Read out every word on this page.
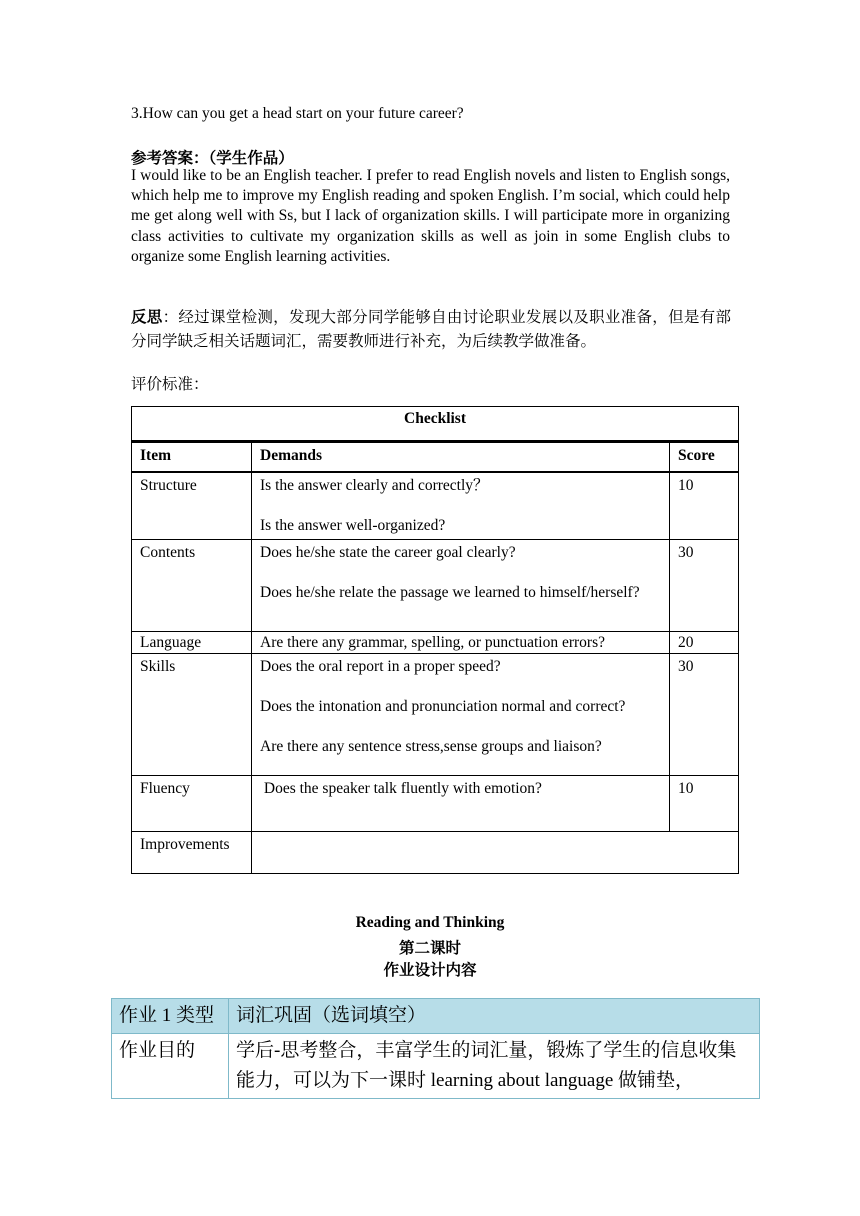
3.How can you get a head start on your future career?
参考答案：（学生作品）
I would like to be an English teacher. I prefer to read English novels and listen to English songs, which help me to improve my English reading and spoken English. I’m social, which could help me get along well with Ss, but I lack of organization skills. I will participate more in organizing class activities to cultivate my organization skills as well as join in some English clubs to organize some English learning activities.
反思：经过课堂检测，发现大部分同学能够自由讨论职业发展以及职业准备，但是有部分同学缺乏相关话题词汇，需要教师进行补充，为后续教学做准备。
评价标准：
Checklist		
Item	Demands	Score
Structure	Is the answer clearly and correctly？
Is the answer well-organized?	10
Contents	Does he/she state the career goal clearly?
Does he/she relate the passage we learned to himself/herself?	30
Language	Are there any grammar, spelling, or punctuation errors?	20
Skills	Does the oral report in a proper speed?
Does the intonation and pronunciation normal and correct?
Are there any sentence stress,sense groups and liaison?	30
Fluency	Does the speaker talk fluently with emotion?	10
Improvements		
Reading and Thinking
第二课时
作业设计内容
作业 1 类型	词汇巩固（选词填空）
作业目的	学后-思考整合，丰富学生的词汇量，锻炼了学生的信息收集能力，可以为下一课时 learning about language 做铺垫，
